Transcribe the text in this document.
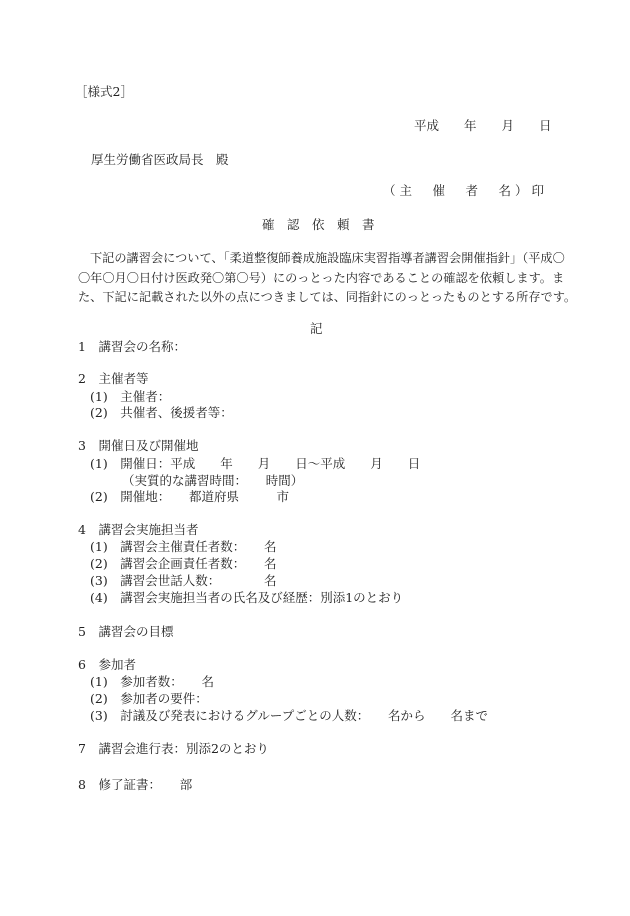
［様式2］
平成　　年　　月　　日
厚生労働省医政局長　殿
（主　催　者　名）印
確　認　依　頼　書
下記の講習会について、「柔道整復師養成施設臨床実習指導者講習会開催指針」（平成〇
〇年〇月〇日付け医政発〇第〇号）にのっとった内容であることの確認を依頼します。ま
た、下記に記載された以外の点につきましては、同指針にのっとったものとする所存です。
記
1　講習会の名称：
2　主催者等
(1)　主催者：
(2)　共催者、後援者等：
3　開催日及び開催地
(1)　開催日：平成　　年　　月　　日～平成　　月　　日
（実質的な講習時間：　　時間）
(2)　開催地：　　都道府県　　　市
4　講習会実施担当者
(1)　講習会主催責任者数：　　名
(2)　講習会企画責任者数：　　名
(3)　講習会世話人数：　　　　名
(4)　講習会実施担当者の氏名及び経歴：別添1のとおり
5　講習会の目標
6　参加者
(1)　参加者数：　　名
(2)　参加者の要件：
(3)　討議及び発表におけるグループごとの人数：　　名から　　名まで
7　講習会進行表：別添2のとおり
8　修了証書：　　部
